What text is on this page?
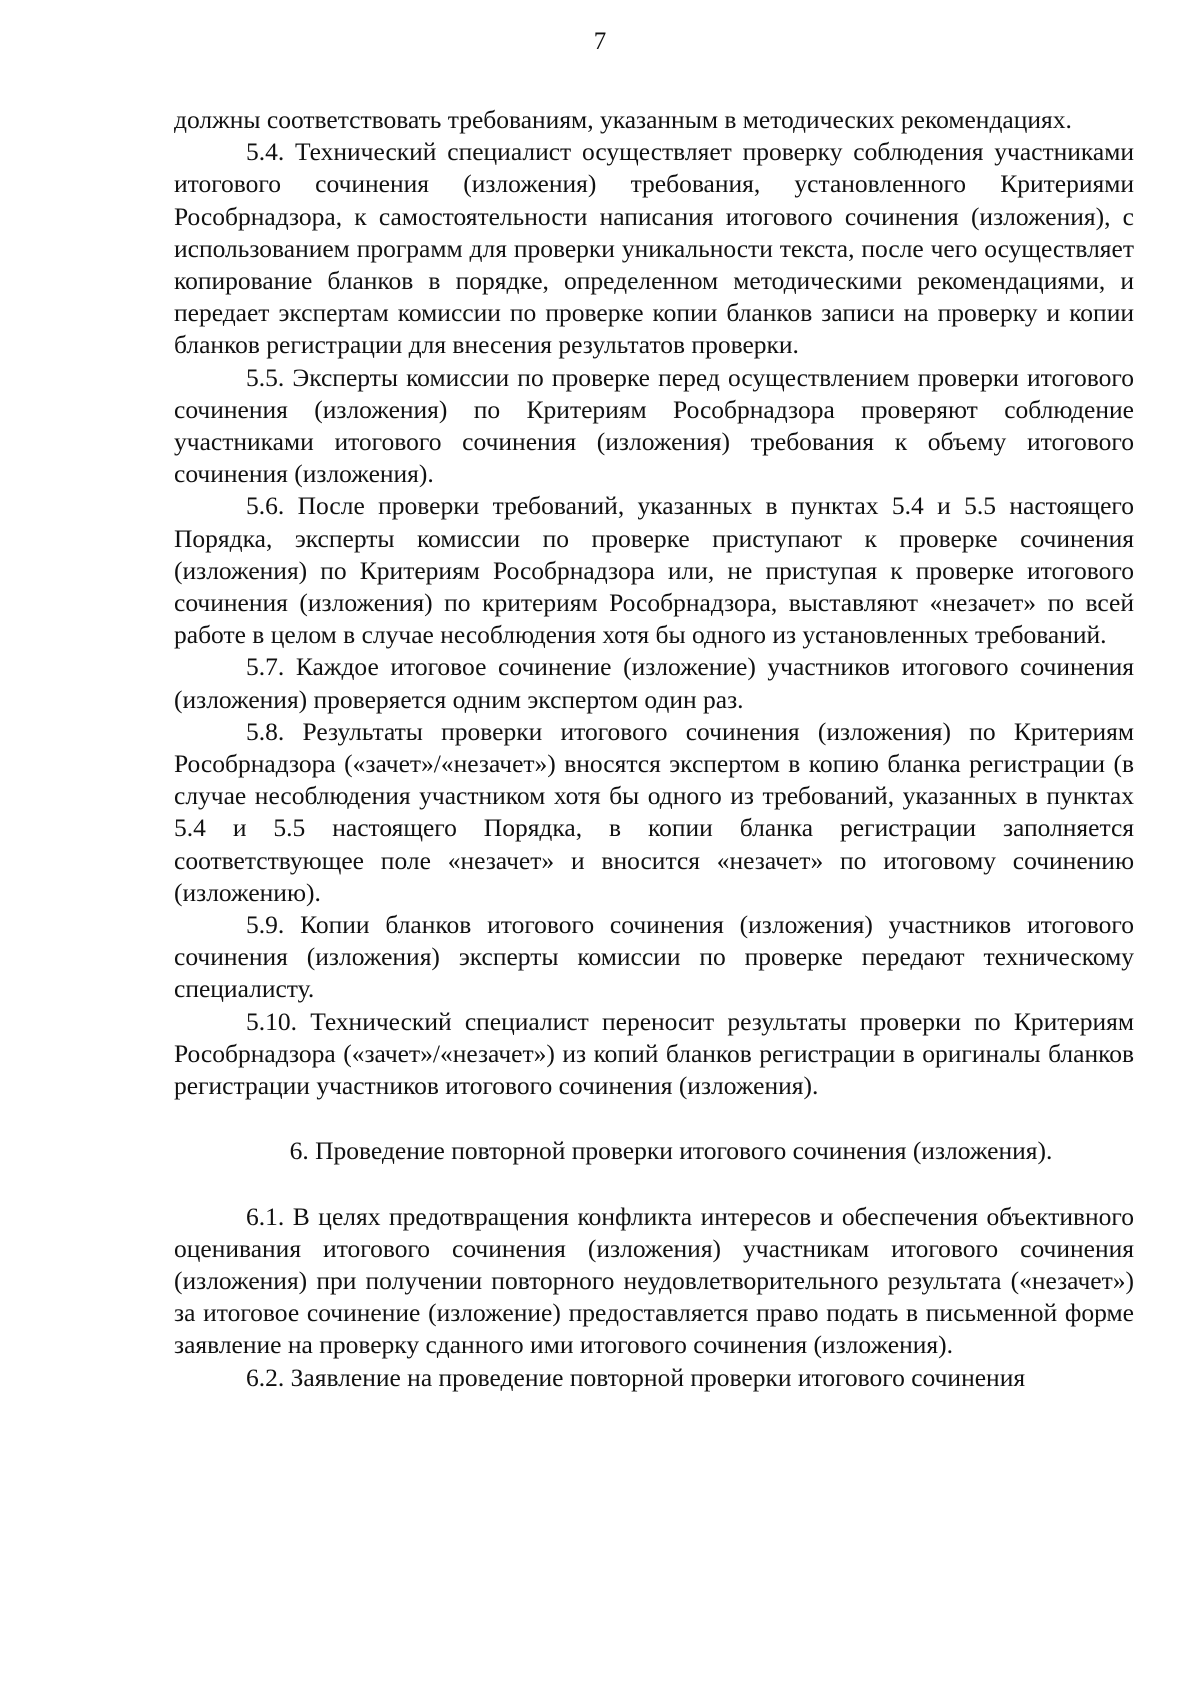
7

должны соответствовать требованиям, указанным в методических рекомендациях.

5.4. Технический специалист осуществляет проверку соблюдения участниками итогового сочинения (изложения) требования, установленного Критериями Рособрнадзора, к самостоятельности написания итогового сочинения (изложения), с использованием программ для проверки уникальности текста, после чего осуществляет копирование бланков в порядке, определенном методическими рекомендациями, и передает экспертам комиссии по проверке копии бланков записи на проверку и копии бланков регистрации для внесения результатов проверки.

5.5. Эксперты комиссии по проверке перед осуществлением проверки итогового сочинения (изложения) по Критериям Рособрнадзора проверяют соблюдение участниками итогового сочинения (изложения) требования к объему итогового сочинения (изложения).

5.6. После проверки требований, указанных в пунктах 5.4 и 5.5 настоящего Порядка, эксперты комиссии по проверке приступают к проверке сочинения (изложения) по Критериям Рособрнадзора или, не приступая к проверке итогового сочинения (изложения) по критериям Рособрнадзора, выставляют «незачет» по всей работе в целом в случае несоблюдения хотя бы одного из установленных требований.

5.7. Каждое итоговое сочинение (изложение) участников итогового сочинения (изложения) проверяется одним экспертом один раз.

5.8. Результаты проверки итогового сочинения (изложения) по Критериям Рособрнадзора («зачет»/«незачет») вносятся экспертом в копию бланка регистрации (в случае несоблюдения участником хотя бы одного из требований, указанных в пунктах 5.4 и 5.5 настоящего Порядка, в копии бланка регистрации заполняется соответствующее поле «незачет» и вносится «незачет» по итоговому сочинению (изложению).

5.9. Копии бланков итогового сочинения (изложения) участников итогового сочинения (изложения) эксперты комиссии по проверке передают техническому специалисту.

5.10. Технический специалист переносит результаты проверки по Критериям Рособрнадзора («зачет»/«незачет») из копий бланков регистрации в оригиналы бланков регистрации участников итогового сочинения (изложения).

6. Проведение повторной проверки итогового сочинения (изложения).

6.1. В целях предотвращения конфликта интересов и обеспечения объективного оценивания итогового сочинения (изложения) участникам итогового сочинения (изложения) при получении повторного неудовлетворительного результата («незачет») за итоговое сочинение (изложение) предоставляется право подать в письменной форме заявление на проверку сданного ими итогового сочинения (изложения).

6.2. Заявление на проведение повторной проверки итогового сочинения
